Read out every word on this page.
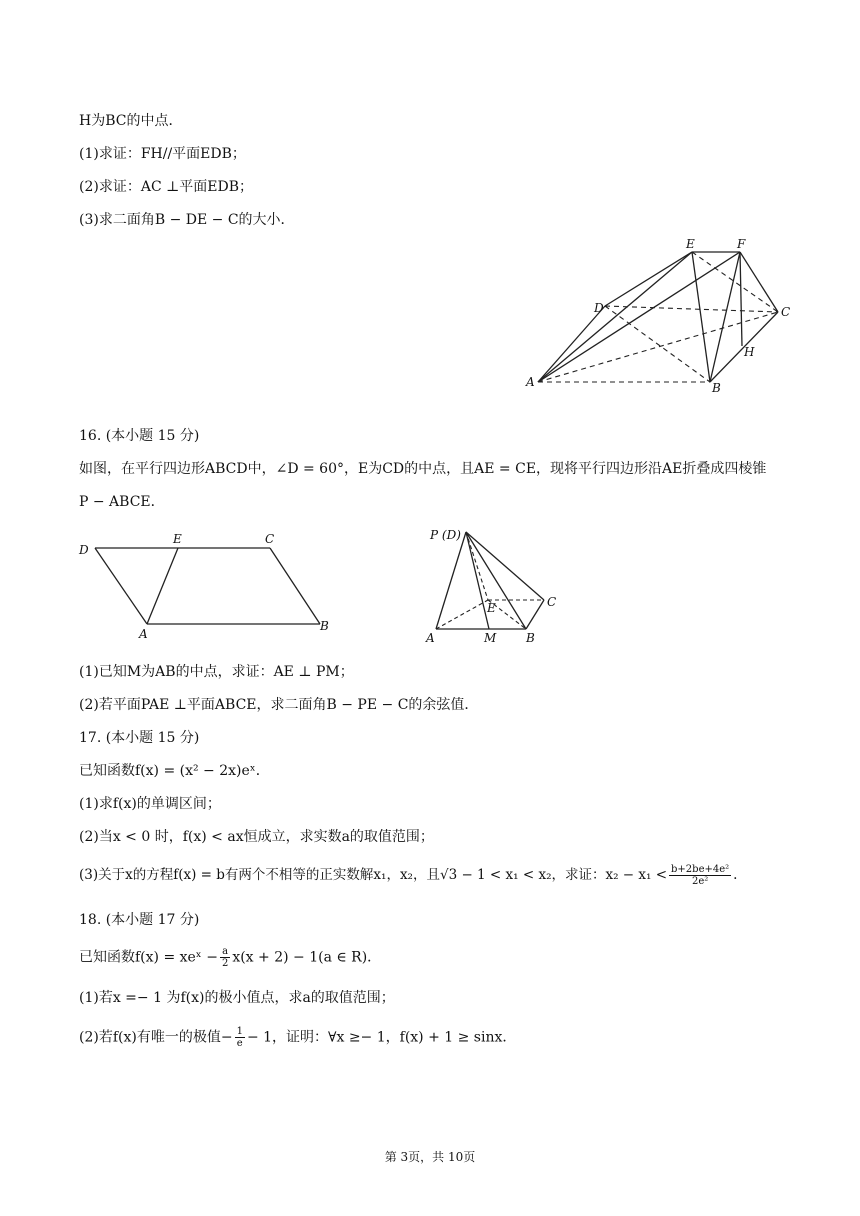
H为BC的中点．
(1)求证：FH//平面EDB；
(2)求证：AC ⊥平面EDB；
(3)求二面角B − DE − C的大小．
E	F
D	C
H
A	B
16. (本小题 15 分)
如图，在平行四边形ABCD中，∠D = 60°，E为CD的中点，且AE = CE，现将平行四边形沿AE折叠成四棱锥
P − ABCE．
D
E	C
A
B
P (D)
E	C
A	M B
(1)已知M为AB的中点，求证：AE ⊥ PM；
(2)若平面PAE ⊥平面ABCE，求二面角B − PE − C的余弦值．
17. (本小题 15 分)
已知函数f(x) = (x² − 2x)eˣ．
(1)求f(x)的单调区间；
(2)当x < 0 时，f(x) < ax恒成立，求实数a的取值范围；
(3)关于x的方程f(x) = b有两个不相等的正实数解x₁，x₂，且√3 − 1 < x₁ < x₂，求证：$x_2 - x_1 < \frac{\text{b+2be+4e²}}{\text{2e²}}$ .
18. (本小题 17 分)
已知函数f(x) = xeˣ − $\frac{a}{2} x(x + 2) - 1(a$ ∈ R)．
(1)若x =− 1 为f(x)的极小值点，求a的取值范围；
(2)若f(x)有唯一的极值− $\frac{1}{e} - 1$，证明：∀x ≥− 1，f(x) + 1 ≥ sinx．
第 3页，共 10页
